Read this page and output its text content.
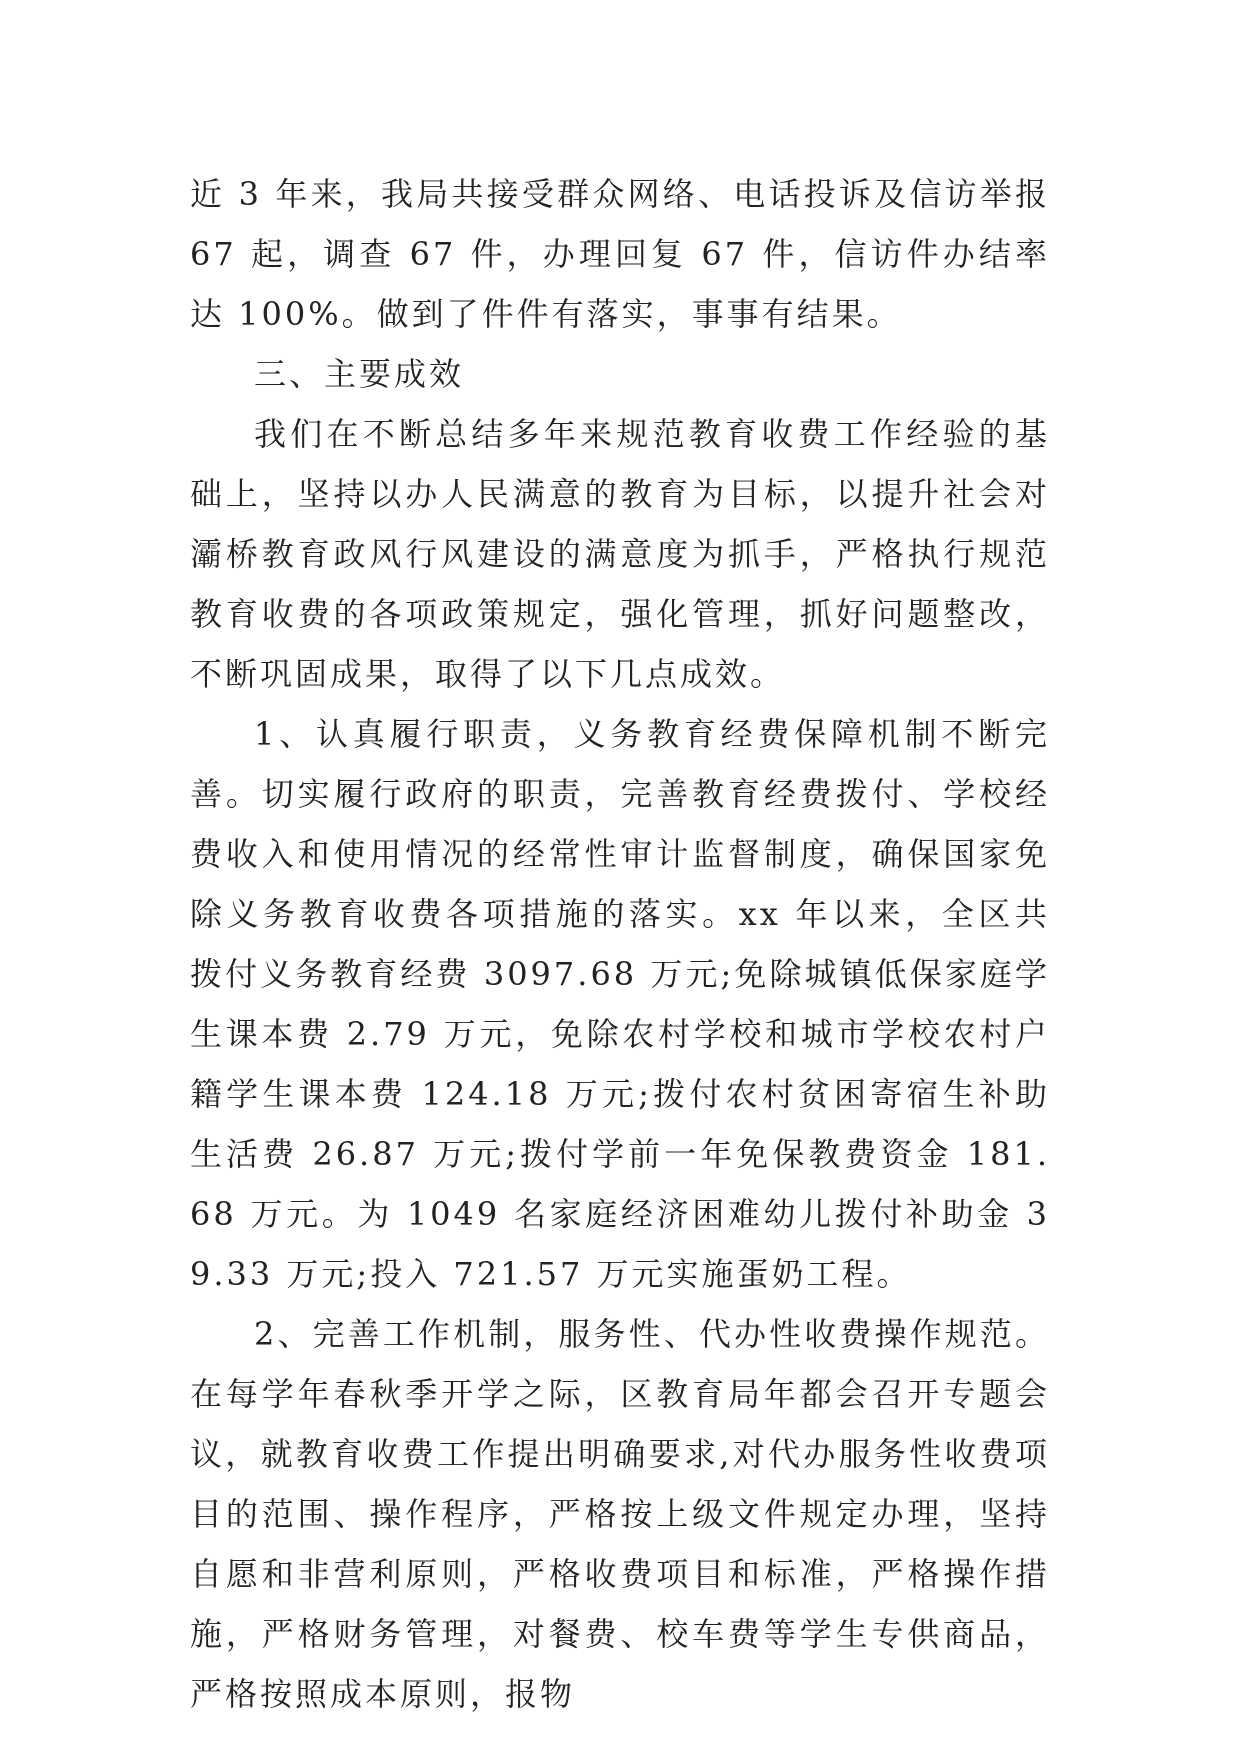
近 3 年来，我局共接受群众网络、电话投诉及信访举报 67 起，调查 67 件，办理回复 67 件，信访件办结率达 100%。做到了件件有落实，事事有结果。

三、主要成效

我们在不断总结多年来规范教育收费工作经验的基础上，坚持以办人民满意的教育为目标，以提升社会对灞桥教育政风行风建设的满意度为抓手，严格执行规范教育收费的各项政策规定，强化管理，抓好问题整改，不断巩固成果，取得了以下几点成效。

1、认真履行职责，义务教育经费保障机制不断完善。切实履行政府的职责，完善教育经费拨付、学校经费收入和使用情况的经常性审计监督制度，确保国家免除义务教育收费各项措施的落实。xx 年以来，全区共拨付义务教育经费 3097.68 万元;免除城镇低保家庭学生课本费 2.79 万元，免除农村学校和城市学校农村户籍学生课本费 124.18 万元;拨付农村贫困寄宿生补助生活费 26.87 万元;拨付学前一年免保教费资金 181.68 万元。为 1049 名家庭经济困难幼儿拨付补助金 39.33 万元;投入 721.57 万元实施蛋奶工程。

2、完善工作机制，服务性、代办性收费操作规范。在每学年春秋季开学之际，区教育局年都会召开专题会议，就教育收费工作提出明确要求,对代办服务性收费项目的范围、操作程序，严格按上级文件规定办理，坚持自愿和非营利原则，严格收费项目和标准，严格操作措施，严格财务管理，对餐费、校车费等学生专供商品，严格按照成本原则，报物
